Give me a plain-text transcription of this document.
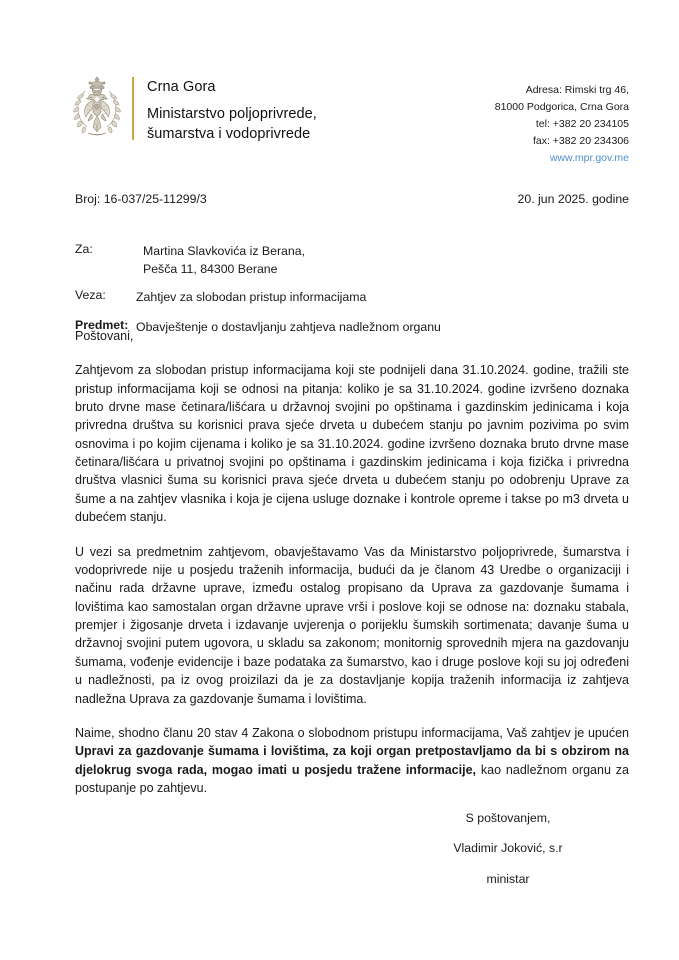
Crna Gora
Ministarstvo poljoprivrede,
šumarstva i vodoprivrede
Adresa: Rimski trg 46,
81000 Podgorica, Crna Gora
tel: +382 20 234105
fax: +382 20 234306
www.mpr.gov.me
Broj: 16-037/25-11299/3	20. jun 2025. godine
Za:	Martina Slavkovića iz Berana,
Pešča 11, 84300 Berane
Veza:	Zahtjev za slobodan pristup informacijama
Predmet: Obavještenje o dostavljanju zahtjeva nadležnom organu

Poštovani,

Zahtjevom za slobodan pristup informacijama koji ste podnijeli dana 31.10.2024. godine, tražili ste pristup informacijama koji se odnosi na pitanja: koliko je sa 31.10.2024. godine izvršeno doznaka bruto drvne mase četinara/lišćara u državnoj svojini po opštinama i gazdinskim jedinicama i koja privredna društva su korisnici prava sjeće drveta u dubećem stanju po javnim pozivima po svim osnovima i po kojim cijenama i koliko je sa 31.10.2024. godine izvršeno doznaka bruto drvne mase četinara/lišćara u privatnoj svojini po opštinama i gazdinskim jedinicama i koja fizička i privredna društva vlasnici šuma su korisnici prava sjeće drveta u dubećem stanju po odobrenju Uprave za šume a na zahtjev vlasnika i koja je cijena usluge doznake i kontrole opreme i takse po m3 drveta u dubećem stanju.

U vezi sa predmetnim zahtjevom, obavještavamo Vas da Ministarstvo poljoprivrede, šumarstva i vodoprivrede nije u posjedu traženih informacija, budući da je članom 43 Uredbe o organizaciji i načinu rada državne uprave, između ostalog propisano da Uprava za gazdovanje šumama i lovištima kao samostalan organ državne uprave vrši i poslove koji se odnose na: doznaku stabala, premjer i žigosanje drveta i izdavanje uvjerenja o porijeklu šumskih sortimenata; davanje šuma u državnoj svojini putem ugovora, u skladu sa zakonom; monitornig sprovednih mjera na gazdovanju šumama, vođenje evidencije i baze podataka za šumarstvo, kao i druge poslove koji su joj određeni u nadležnosti, pa iz ovog proizilazi da je za dostavljanje kopija traženih informacija iz zahtjeva nadležna Uprava za gazdovanje šumama i lovištima.

Naime, shodno članu 20 stav 4 Zakona o slobodnom pristupu informacijama, Vaš zahtjev je upućen Upravi za gazdovanje šumama i lovištima, za koji organ pretpostavljamo da bi s obzirom na djelokrug svoga rada, mogao imati u posjedu tražene informacije, kao nadležnom organu za postupanje po zahtjevu.

S poštovanjem,
Vladimir Joković, s.r
ministar
